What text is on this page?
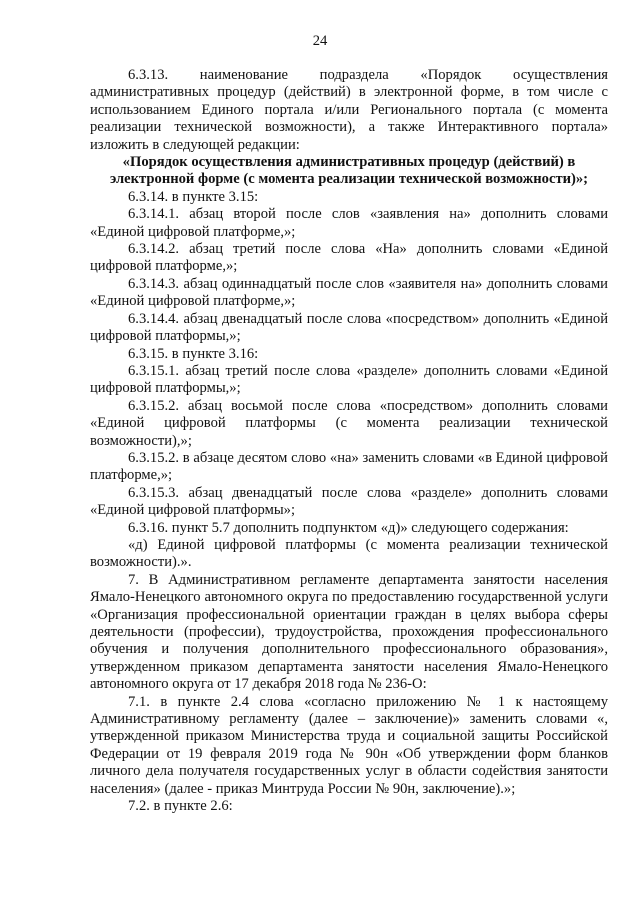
24

6.3.13. наименование подраздела «Порядок осуществления административных процедур (действий) в электронной форме, в том числе с использованием Единого портала и/или Регионального портала (с момента реализации технической возможности), а также Интерактивного портала» изложить в следующей редакции:

«Порядок осуществления административных процедур (действий) в электронной форме (с момента реализации технической возможности)»;

6.3.14. в пункте 3.15:

6.3.14.1. абзац второй после слов «заявления на» дополнить словами «Единой цифровой платформе,»;

6.3.14.2. абзац третий после слова «На» дополнить словами «Единой цифровой платформе,»;

6.3.14.3. абзац одиннадцатый после слов «заявителя на» дополнить словами «Единой цифровой платформе,»;

6.3.14.4. абзац двенадцатый после слова «посредством» дополнить «Единой цифровой платформы,»;

6.3.15. в пункте 3.16:

6.3.15.1. абзац третий после слова «разделе» дополнить словами «Единой цифровой платформы,»;

6.3.15.2. абзац восьмой после слова «посредством» дополнить словами «Единой цифровой платформы (с момента реализации технической возможности),»;

6.3.15.2. в абзаце десятом слово «на» заменить словами «в Единой цифровой платформе,»;

6.3.15.3. абзац двенадцатый после слова «разделе» дополнить словами «Единой цифровой платформы»;

6.3.16. пункт 5.7 дополнить подпунктом «д)» следующего содержания:

«д) Единой цифровой платформы (с момента реализации технической возможности).».

7. В Административном регламенте департамента занятости населения Ямало-Ненецкого автономного округа по предоставлению государственной услуги «Организация профессиональной ориентации граждан в целях выбора сферы деятельности (профессии), трудоустройства, прохождения профессионального обучения и получения дополнительного профессионального образования», утвержденном приказом департамента занятости населения Ямало-Ненецкого автономного округа от 17 декабря 2018 года № 236-О:

7.1. в пункте 2.4 слова «согласно приложению № 1 к настоящему Административному регламенту (далее – заключение)» заменить словами «, утвержденной приказом Министерства труда и социальной защиты Российской Федерации от 19 февраля 2019 года № 90н «Об утверждении форм бланков личного дела получателя государственных услуг в области содействия занятости населения» (далее - приказ Минтруда России № 90н, заключение).»;

7.2. в пункте 2.6:
